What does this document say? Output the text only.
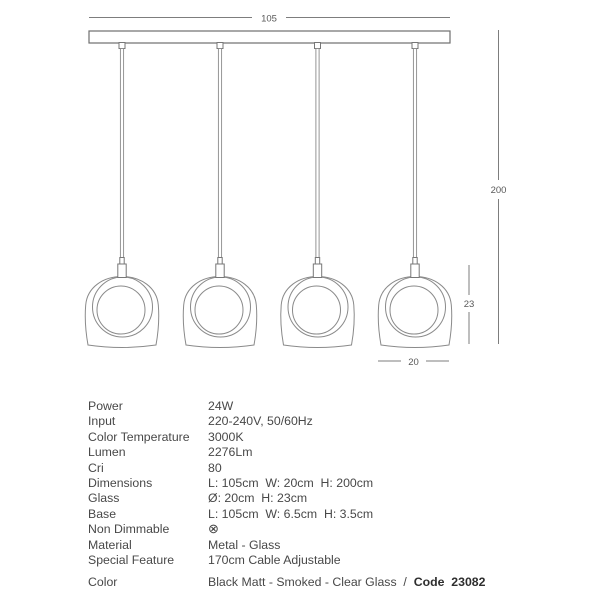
105
200
23
20
Power	24W
Input	220-240V, 50/60Hz
Color Temperature	3000K
Lumen	2276Lm
Cri	80
Dimensions	L: 105cm  W: 20cm  H: 200cm
Glass	Ø: 20cm  H: 23cm
Base	L: 105cm  W: 6.5cm  H: 3.5cm
Non Dimmable	⊗
Material	Metal - Glass
Special Feature	170cm Cable Adjustable
Color	Black Matt - Smoked - Clear Glass  /  Code  23082
